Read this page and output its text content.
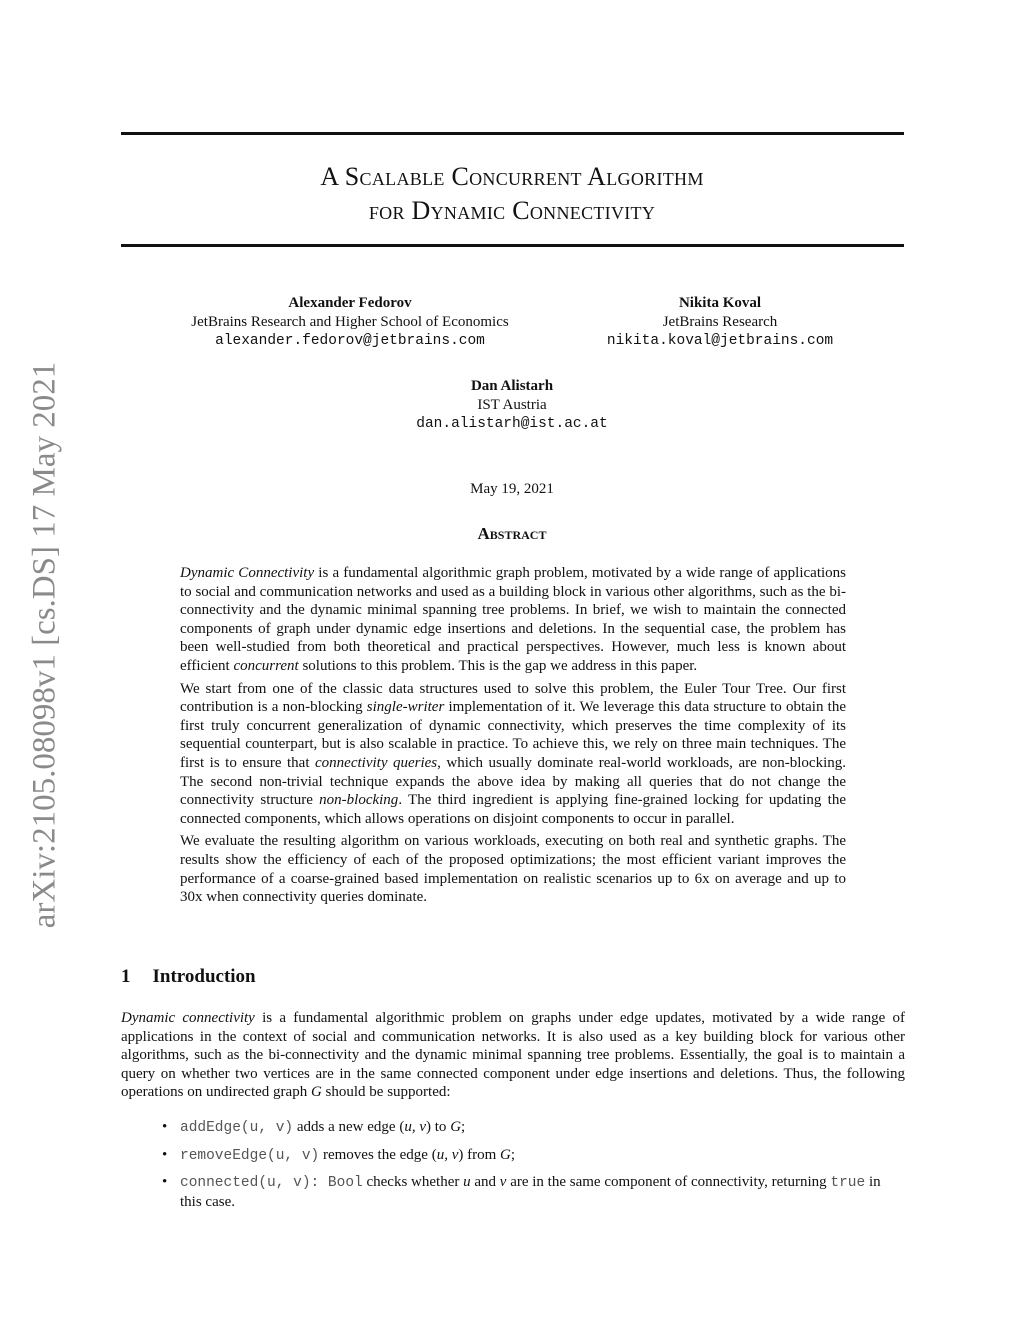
arXiv:2105.08098v1 [cs.DS] 17 May 2021
A Scalable Concurrent Algorithm
for Dynamic Connectivity
Alexander Fedorov
JetBrains Research and Higher School of Economics
alexander.fedorov@jetbrains.com
Nikita Koval
JetBrains Research
nikita.koval@jetbrains.com
Dan Alistarh
IST Austria
dan.alistarh@ist.ac.at
May 19, 2021
Abstract

Dynamic Connectivity is a fundamental algorithmic graph problem, motivated by a wide range of applications to social and communication networks and used as a building block in various other algorithms, such as the bi-connectivity and the dynamic minimal spanning tree problems. In brief, we wish to maintain the connected components of graph under dynamic edge insertions and deletions. In the sequential case, the problem has been well-studied from both theoretical and practical perspectives. However, much less is known about efficient concurrent solutions to this problem. This is the gap we address in this paper.

We start from one of the classic data structures used to solve this problem, the Euler Tour Tree. Our first contribution is a non-blocking single-writer implementation of it. We leverage this data structure to obtain the first truly concurrent generalization of dynamic connectivity, which preserves the time complexity of its sequential counterpart, but is also scalable in practice. To achieve this, we rely on three main techniques. The first is to ensure that connectivity queries, which usually dominate real-world workloads, are non-blocking. The second non-trivial technique expands the above idea by making all queries that do not change the connectivity structure non-blocking. The third ingredient is applying fine-grained locking for updating the connected components, which allows operations on disjoint components to occur in parallel.

We evaluate the resulting algorithm on various workloads, executing on both real and synthetic graphs. The results show the efficiency of each of the proposed optimizations; the most efficient variant improves the performance of a coarse-grained based implementation on realistic scenarios up to 6x on average and up to 30x when connectivity queries dominate.

1 Introduction

Dynamic connectivity is a fundamental algorithmic problem on graphs under edge updates, motivated by a wide range of applications in the context of social and communication networks. It is also used as a key building block for various other algorithms, such as the bi-connectivity and the dynamic minimal spanning tree problems. Essentially, the goal is to maintain a query on whether two vertices are in the same connected component under edge insertions and deletions. Thus, the following operations on undirected graph G should be supported:

• addEdge(u, v) adds a new edge (u, v) to G;
• removeEdge(u, v) removes the edge (u, v) from G;
• connected(u, v): Bool checks whether u and v are in the same component of connectivity, returning true in this case.
